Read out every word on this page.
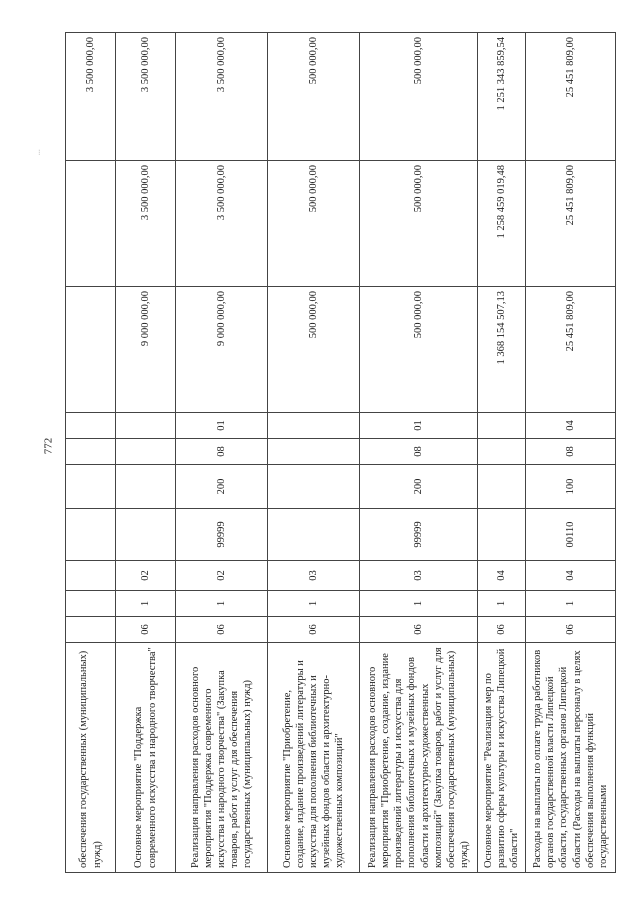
⁝
772
обеспечения государственных (муниципальных) нужд)										3 500 000,00
Основное мероприятие "Поддержка современного искусства и народного творчества"	06	1	02					9 000 000,00	3 500 000,00	3 500 000,00
Реализация направления расходов основного мероприятия "Поддержка современного искусства и народного творчества" (Закупка товаров, работ и услуг для обеспечения государственных (муниципальных) нужд)	06	1	02	99999	200	08	01	9 000 000,00	3 500 000,00	3 500 000,00
Основное мероприятие "Приобретение, создание, издание произведений литературы и искусства для пополнения библиотечных и музейных фондов области и архитектурно-художественных композиций"	06	1	03					500 000,00	500 000,00	500 000,00
Реализация направления расходов основного мероприятия "Приобретение, создание, издание произведений литературы и искусства для пополнения библиотечных и музейных фондов области и архитектурно-художественных композиций" (Закупка товаров, работ и услуг для обеспечения государственных (муниципальных) нужд)	06	1	03	99999	200	08	01	500 000,00	500 000,00	500 000,00
Основное мероприятие "Реализация мер по развитию сферы культуры и искусства Липецкой области"	06	1	04					1 368 154 507,13	1 258 459 019,48	1 251 343 859,54
Расходы на выплаты по оплате труда работников органов государственной власти Липецкой области, государственных органов Липецкой области (Расходы на выплаты персоналу в целях обеспечения выполнения функций государственными	06	1	04	00110	100	08	04	25 451 809,00	25 451 809,00	25 451 809,00
